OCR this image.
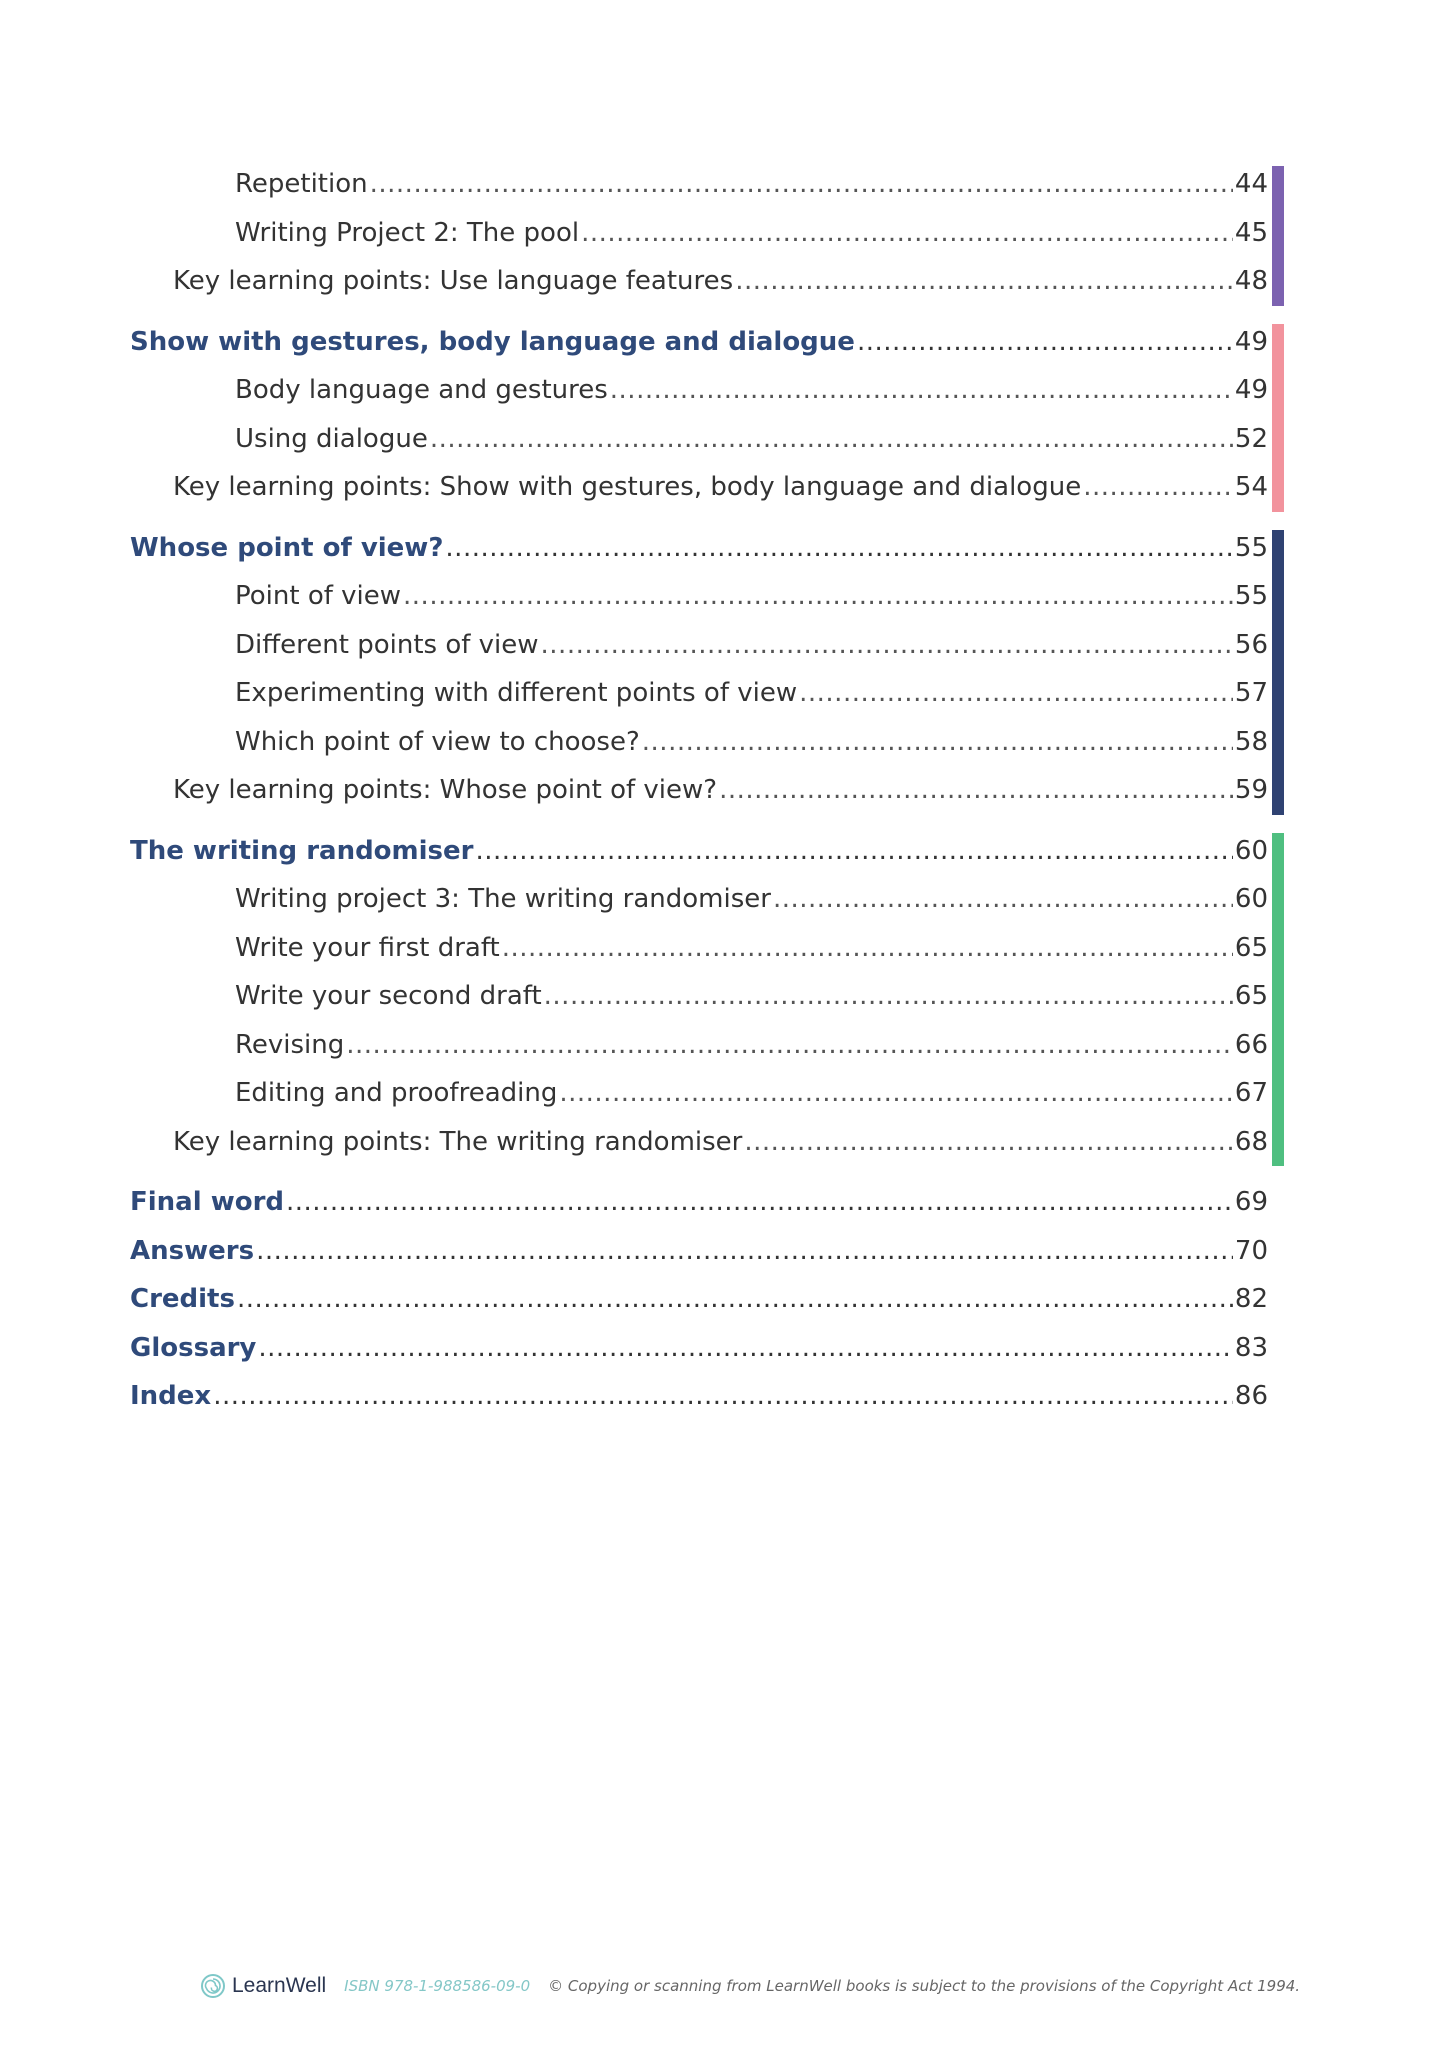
Repetition .....	44
Writing Project 2: The pool .....	45
Key learning points: Use language features .....	48
Show with gestures, body language and dialogue .....	49
Body language and gestures .....	49
Using dialogue .....	52
Key learning points: Show with gestures, body language and dialogue .....	54
Whose point of view? .....	55
Point of view .....	55
Different points of view .....	56
Experimenting with different points of view .....	57
Which point of view to choose? .....	58
Key learning points: Whose point of view? .....	59
The writing randomiser .....	60
Writing project 3: The writing randomiser .....	60
Write your first draft .....	65
Write your second draft .....	65
Revising .....	66
Editing and proofreading .....	67
Key learning points: The writing randomiser .....	68
Final word .....	69
Answers .....	70
Credits .....	82
Glossary .....	83
Index .....	86
LearnWell ISBN 978-1-988586-09-0 © Copying or scanning from LearnWell books is subject to the provisions of the Copyright Act 1994.
